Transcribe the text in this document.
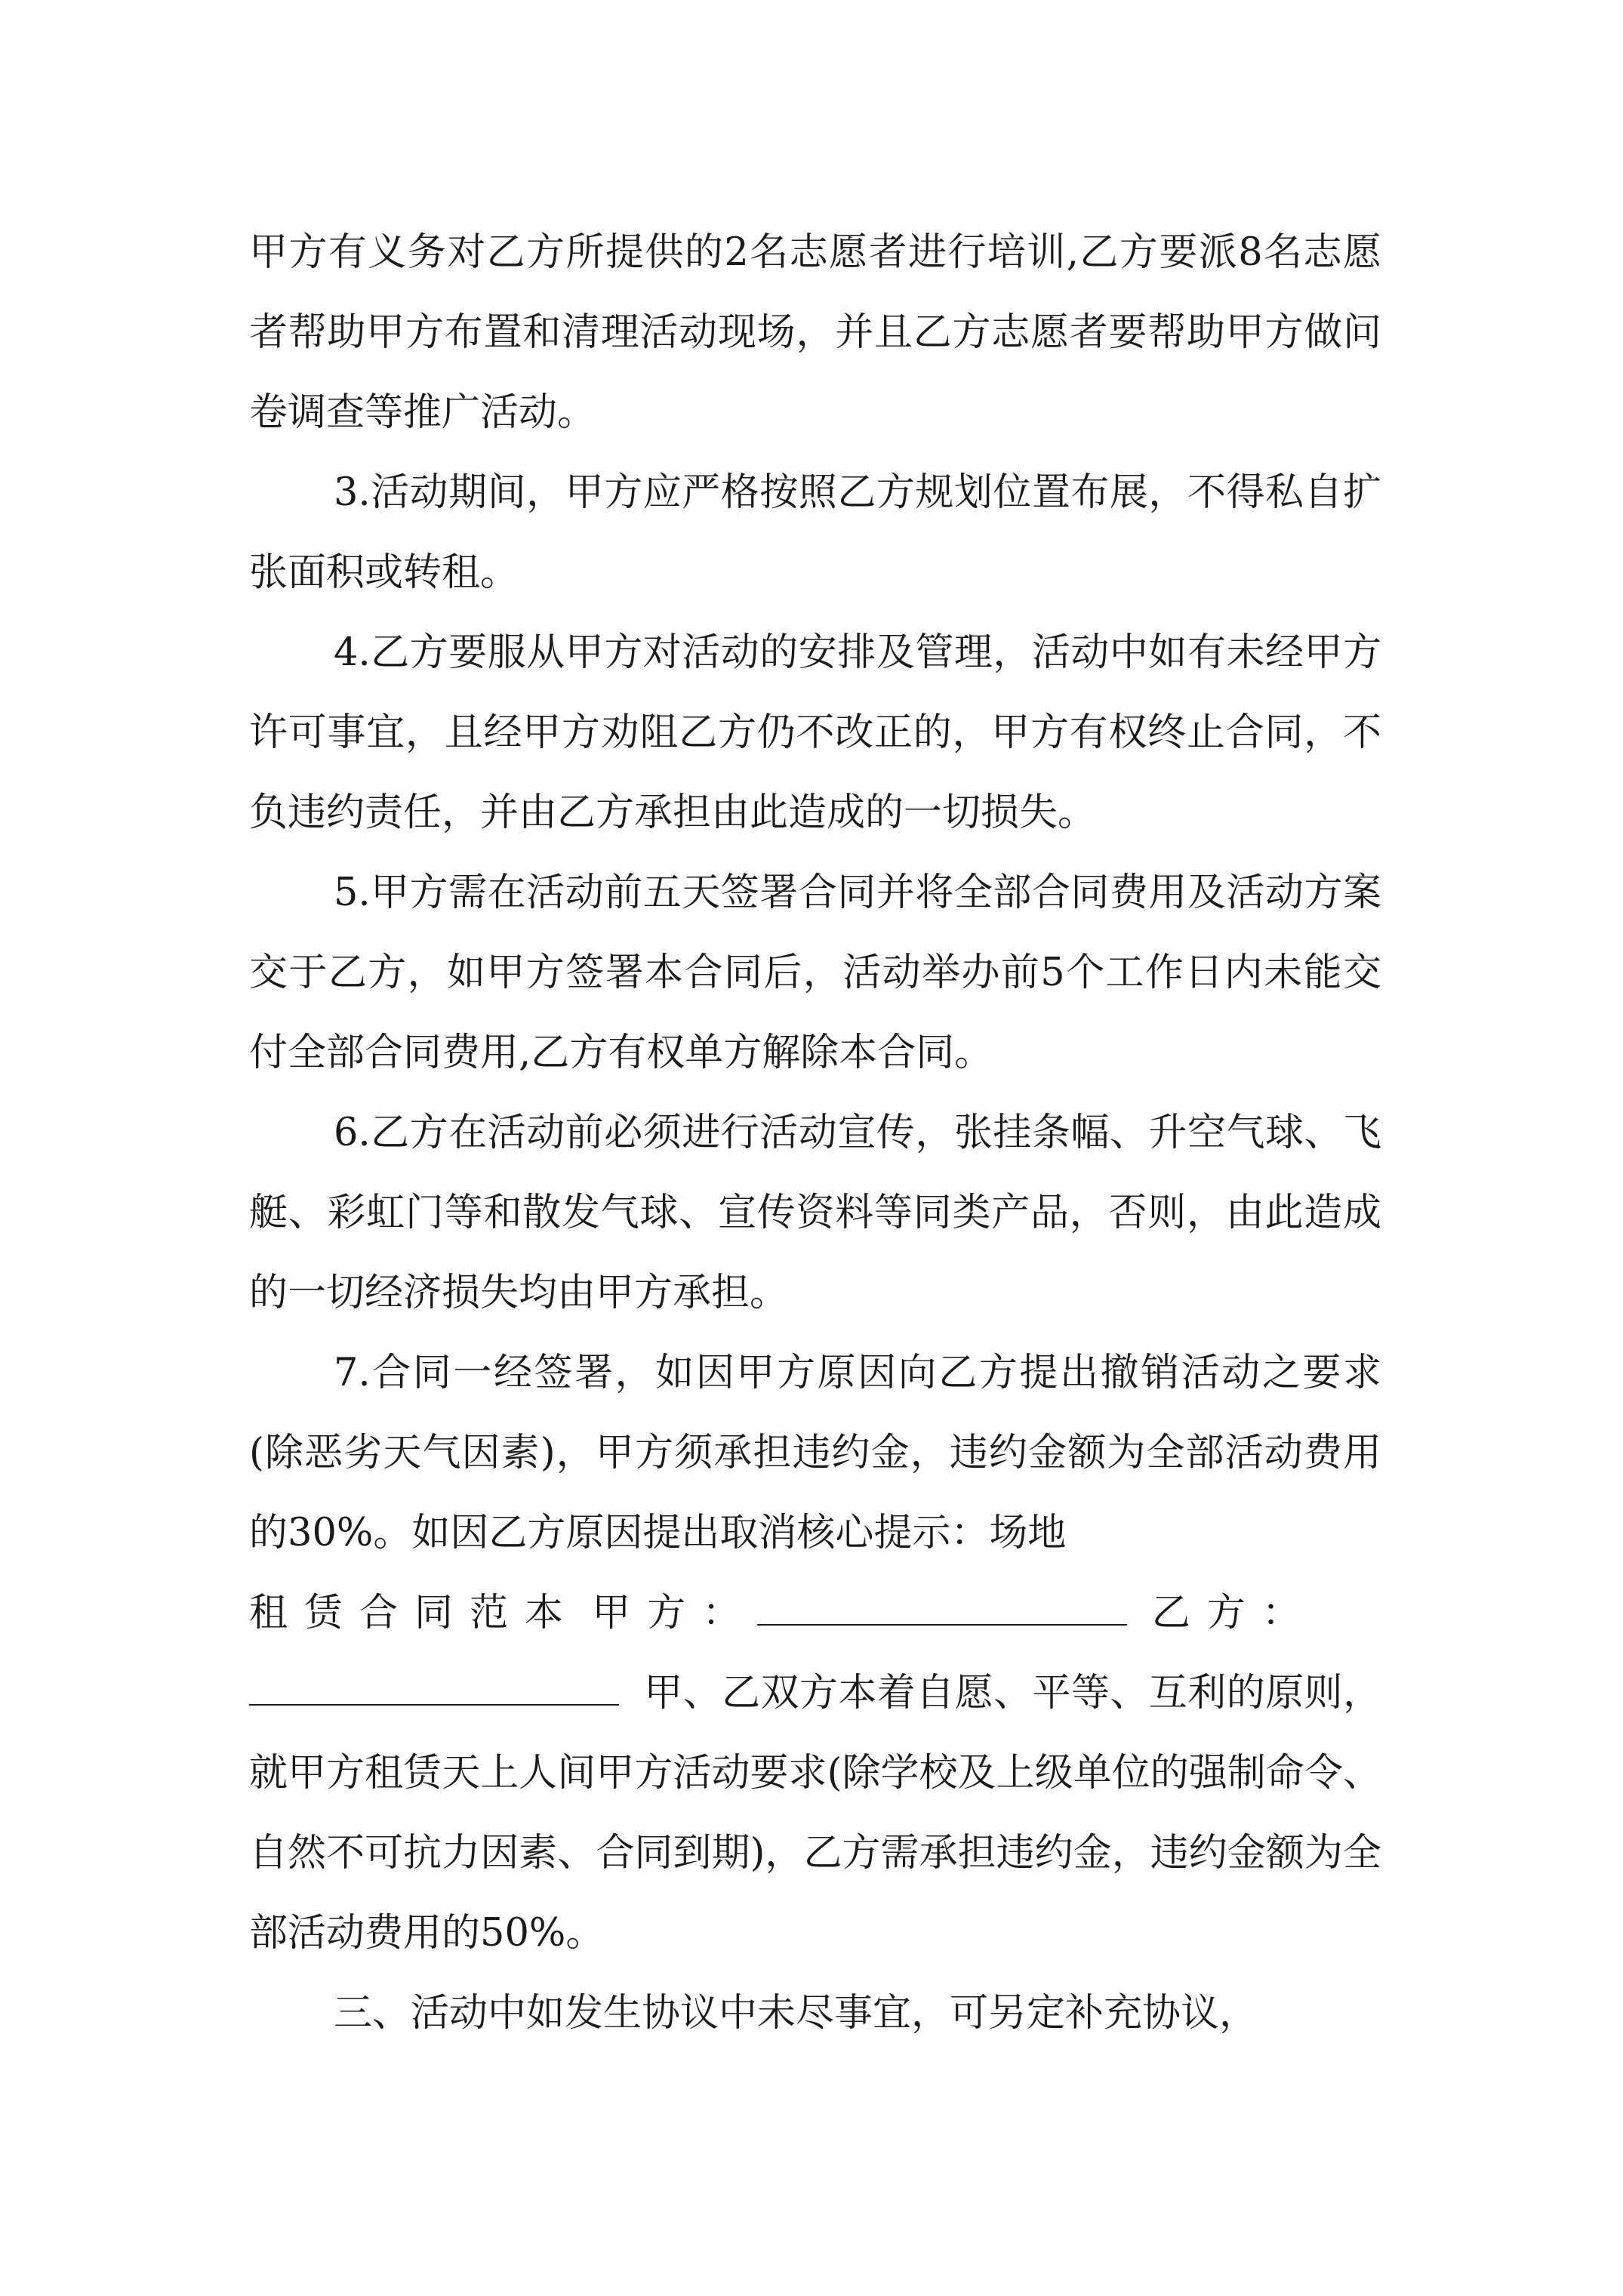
甲方有义务对乙方所提供的2名志愿者进行培训,乙方要派8名志愿者帮助甲方布置和清理活动现场，并且乙方志愿者要帮助甲方做问卷调查等推广活动。

3.活动期间，甲方应严格按照乙方规划位置布展，不得私自扩张面积或转租。

4.乙方要服从甲方对活动的安排及管理，活动中如有未经甲方许可事宜，且经甲方劝阻乙方仍不改正的，甲方有权终止合同，不负违约责任，并由乙方承担由此造成的一切损失。

5.甲方需在活动前五天签署合同并将全部合同费用及活动方案交于乙方，如甲方签署本合同后，活动举办前5个工作日内未能交付全部合同费用,乙方有权单方解除本合同。

6.乙方在活动前必须进行活动宣传，张挂条幅、升空气球、飞艇、彩虹门等和散发气球、宣传资料等同类产品，否则，由此造成的一切经济损失均由甲方承担。

7.合同一经签署，如因甲方原因向乙方提出撤销活动之要求(除恶劣天气因素)，甲方须承担违约金，违约金额为全部活动费用的30%。如因乙方原因提出取消核心提示：场地
租赁合同范本 甲方：	乙方：
甲、乙双方本着自愿、平等、互利的原则，就甲方租赁天上人间甲方活动要求(除学校及上级单位的强制命令、自然不可抗力因素、合同到期)，乙方需承担违约金，违约金额为全部活动费用的50%。

三、活动中如发生协议中未尽事宜，可另定补充协议，
